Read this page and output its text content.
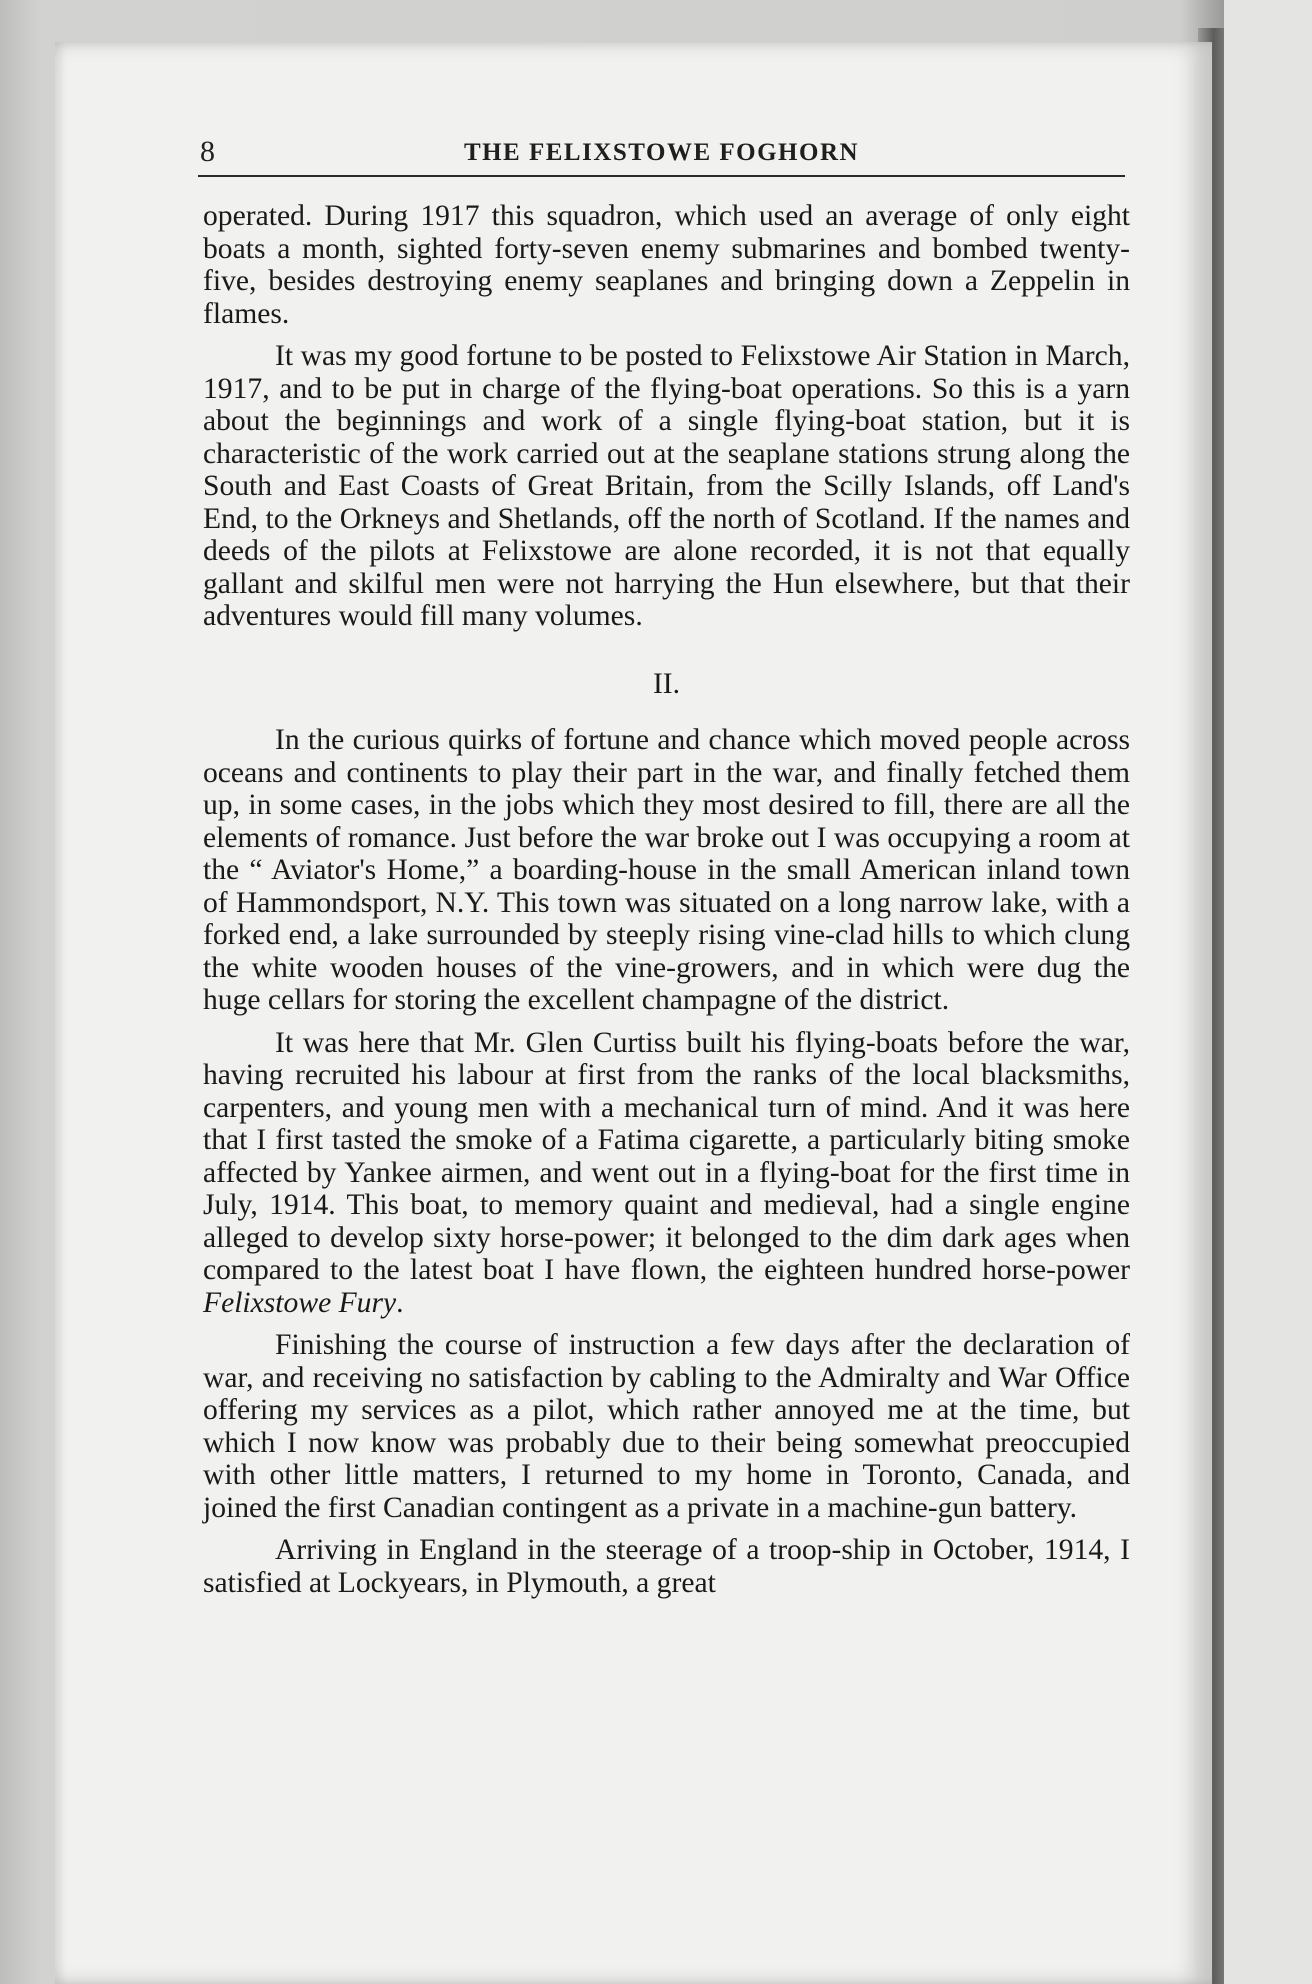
8	THE FELIXSTOWE FOGHORN

operated. During 1917 this squadron, which used an average of only eight boats a month, sighted forty-seven enemy submarines and bombed twenty-five, besides destroying enemy seaplanes and bringing down a Zeppelin in flames.

It was my good fortune to be posted to Felixstowe Air Station in March, 1917, and to be put in charge of the flying-boat operations. So this is a yarn about the beginnings and work of a single flying-boat station, but it is characteristic of the work carried out at the seaplane stations strung along the South and East Coasts of Great Britain, from the Scilly Islands, off Land's End, to the Orkneys and Shetlands, off the north of Scotland. If the names and deeds of the pilots at Felixstowe are alone recorded, it is not that equally gallant and skilful men were not harrying the Hun elsewhere, but that their adventures would fill many volumes.

II.

In the curious quirks of fortune and chance which moved people across oceans and continents to play their part in the war, and finally fetched them up, in some cases, in the jobs which they most desired to fill, there are all the elements of romance. Just before the war broke out I was occupying a room at the “ Aviator's Home,” a boarding-house in the small American inland town of Hammondsport, N.Y. This town was situated on a long narrow lake, with a forked end, a lake surrounded by steeply rising vine-clad hills to which clung the white wooden houses of the vine-growers, and in which were dug the huge cellars for storing the excellent champagne of the district.

It was here that Mr. Glen Curtiss built his flying-boats before the war, having recruited his labour at first from the ranks of the local blacksmiths, carpenters, and young men with a mechanical turn of mind. And it was here that I first tasted the smoke of a Fatima cigarette, a particularly biting smoke affected by Yankee airmen, and went out in a flying-boat for the first time in July, 1914. This boat, to memory quaint and medieval, had a single engine alleged to develop sixty horse-power; it belonged to the dim dark ages when compared to the latest boat I have flown, the eighteen hundred horse-power Felixstowe Fury.

Finishing the course of instruction a few days after the declaration of war, and receiving no satisfaction by cabling to the Admiralty and War Office offering my services as a pilot, which rather annoyed me at the time, but which I now know was probably due to their being somewhat preoccupied with other little matters, I returned to my home in Toronto, Canada, and joined the first Canadian contingent as a private in a machine-gun battery.

Arriving in England in the steerage of a troop-ship in October, 1914, I satisfied at Lockyears, in Plymouth, a great
